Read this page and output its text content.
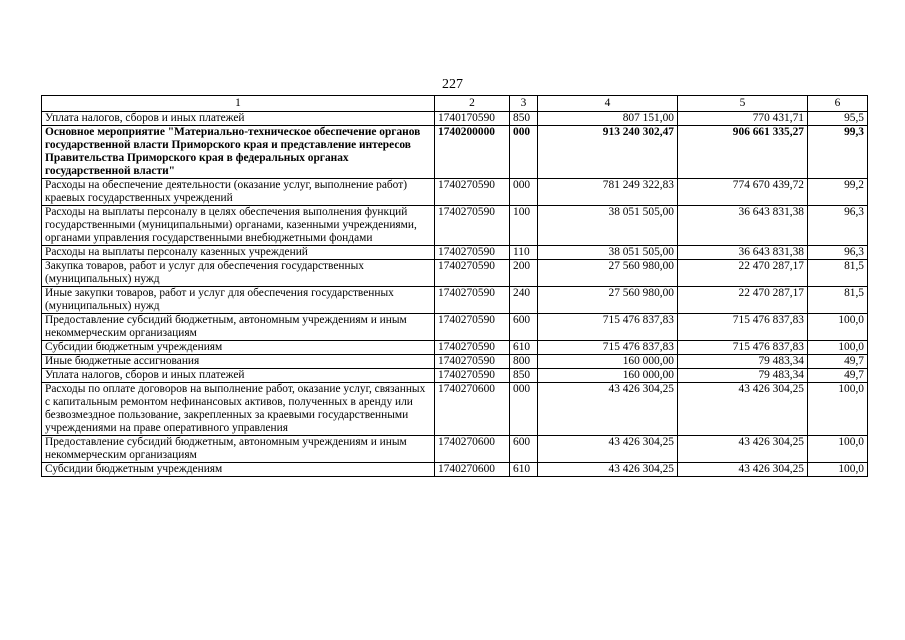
227
1	2	3	4	5	6
Уплата налогов, сборов и иных платежей	1740170590	850	807 151,00	770 431,71	95,5
Основное мероприятие "Материально-техническое обеспечение органов государственной власти Приморского края и представление интересов Правительства Приморского края в федеральных органах государственной власти"	1740200000	000	913 240 302,47	906 661 335,27	99,3
Расходы на обеспечение деятельности (оказание услуг, выполнение работ) краевых государственных учреждений	1740270590	000	781 249 322,83	774 670 439,72	99,2
Расходы на выплаты персоналу в целях обеспечения выполнения функций государственными (муниципальными) органами, казенными учреждениями, органами управления государственными внебюджетными фондами	1740270590	100	38 051 505,00	36 643 831,38	96,3
Расходы на выплаты персоналу казенных учреждений	1740270590	110	38 051 505,00	36 643 831,38	96,3
Закупка товаров, работ и услуг для обеспечения государственных (муниципальных) нужд	1740270590	200	27 560 980,00	22 470 287,17	81,5
Иные закупки товаров, работ и услуг для обеспечения государственных (муниципальных) нужд	1740270590	240	27 560 980,00	22 470 287,17	81,5
Предоставление субсидий бюджетным, автономным учреждениям и иным некоммерческим организациям	1740270590	600	715 476 837,83	715 476 837,83	100,0
Субсидии бюджетным учреждениям	1740270590	610	715 476 837,83	715 476 837,83	100,0
Иные бюджетные ассигнования	1740270590	800	160 000,00	79 483,34	49,7
Уплата налогов, сборов и иных платежей	1740270590	850	160 000,00	79 483,34	49,7
Расходы по оплате договоров на выполнение работ, оказание услуг, связанных с капитальным ремонтом нефинансовых активов, полученных в аренду или безвозмездное пользование, закрепленных за краевыми государственными учреждениями на праве оперативного управления	1740270600	000	43 426 304,25	43 426 304,25	100,0
Предоставление субсидий бюджетным, автономным учреждениям и иным некоммерческим организациям	1740270600	600	43 426 304,25	43 426 304,25	100,0
Субсидии бюджетным учреждениям	1740270600	610	43 426 304,25	43 426 304,25	100,0
